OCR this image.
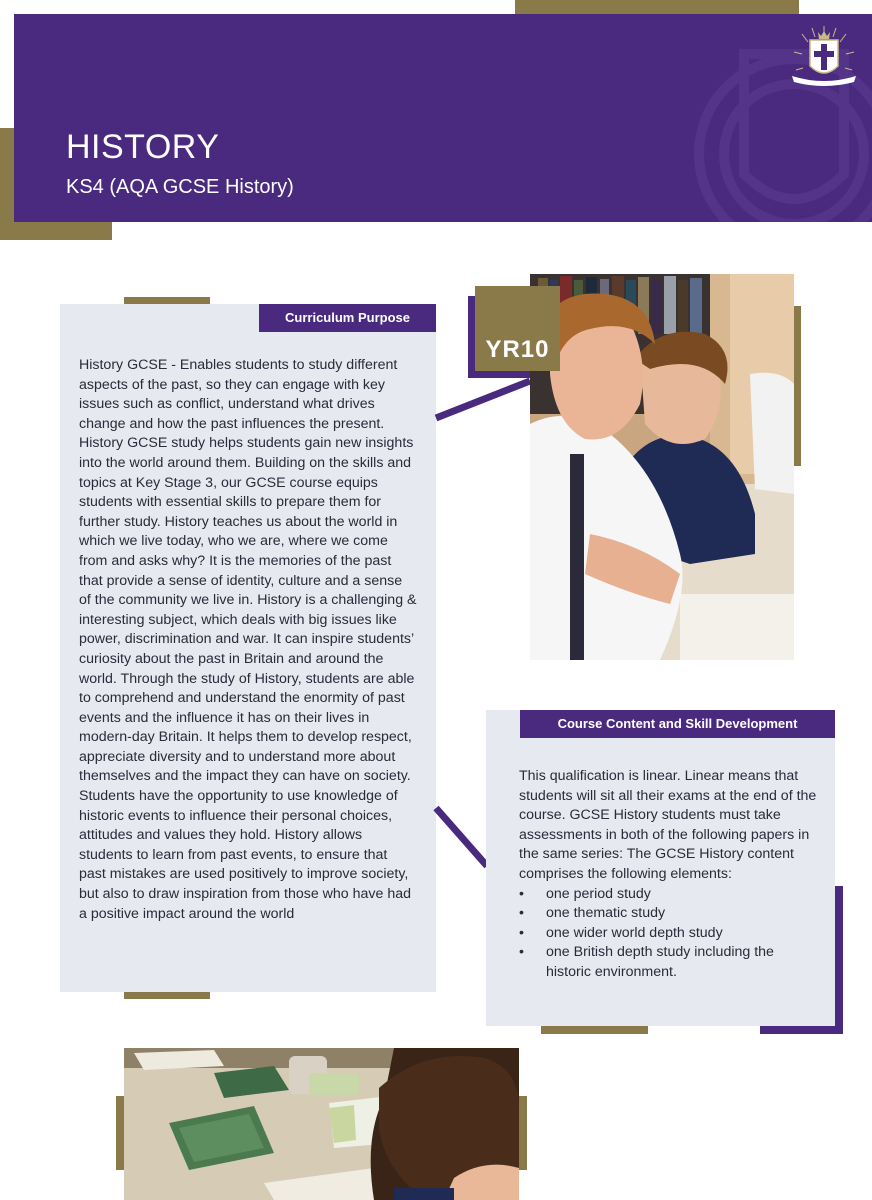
HISTORY
KS4 (AQA GCSE History)
Curriculum Purpose
History GCSE - Enables students to study different aspects of the past, so they can engage with key issues such as conflict, understand what drives change and how the past influences the present. History GCSE study helps students gain new insights into the world around them. Building on the skills and topics at Key Stage 3, our GCSE course equips students with essential skills to prepare them for further study. History teaches us about the world in which we live today, who we are, where we come from and asks why? It is the memories of the past that provide a sense of identity, culture and a sense of the community we live in. History is a challenging & interesting subject, which deals with big issues like power, discrimination and war. It can inspire students’ curiosity about the past in Britain and around the world. Through the study of History, students are able to comprehend and understand the enormity of past events and the influence it has on their lives in modern-day Britain. It helps them to develop respect, appreciate diversity and to understand more about themselves and the impact they can have on society. Students have the opportunity to use knowledge of historic events to influence their personal choices, attitudes and values they hold. History allows students to learn from past events, to ensure that past mistakes are used positively to improve society, but also to draw inspiration from those who have had a positive impact around the world
YR10
Course Content and Skill Development
This qualification is linear. Linear means that students will sit all their exams at the end of the course. GCSE History students must take assessments in both of the following papers in the same series: The GCSE History content comprises the following elements:
• one period study
• one thematic study
• one wider world depth study
• one British depth study including the historic environment.
